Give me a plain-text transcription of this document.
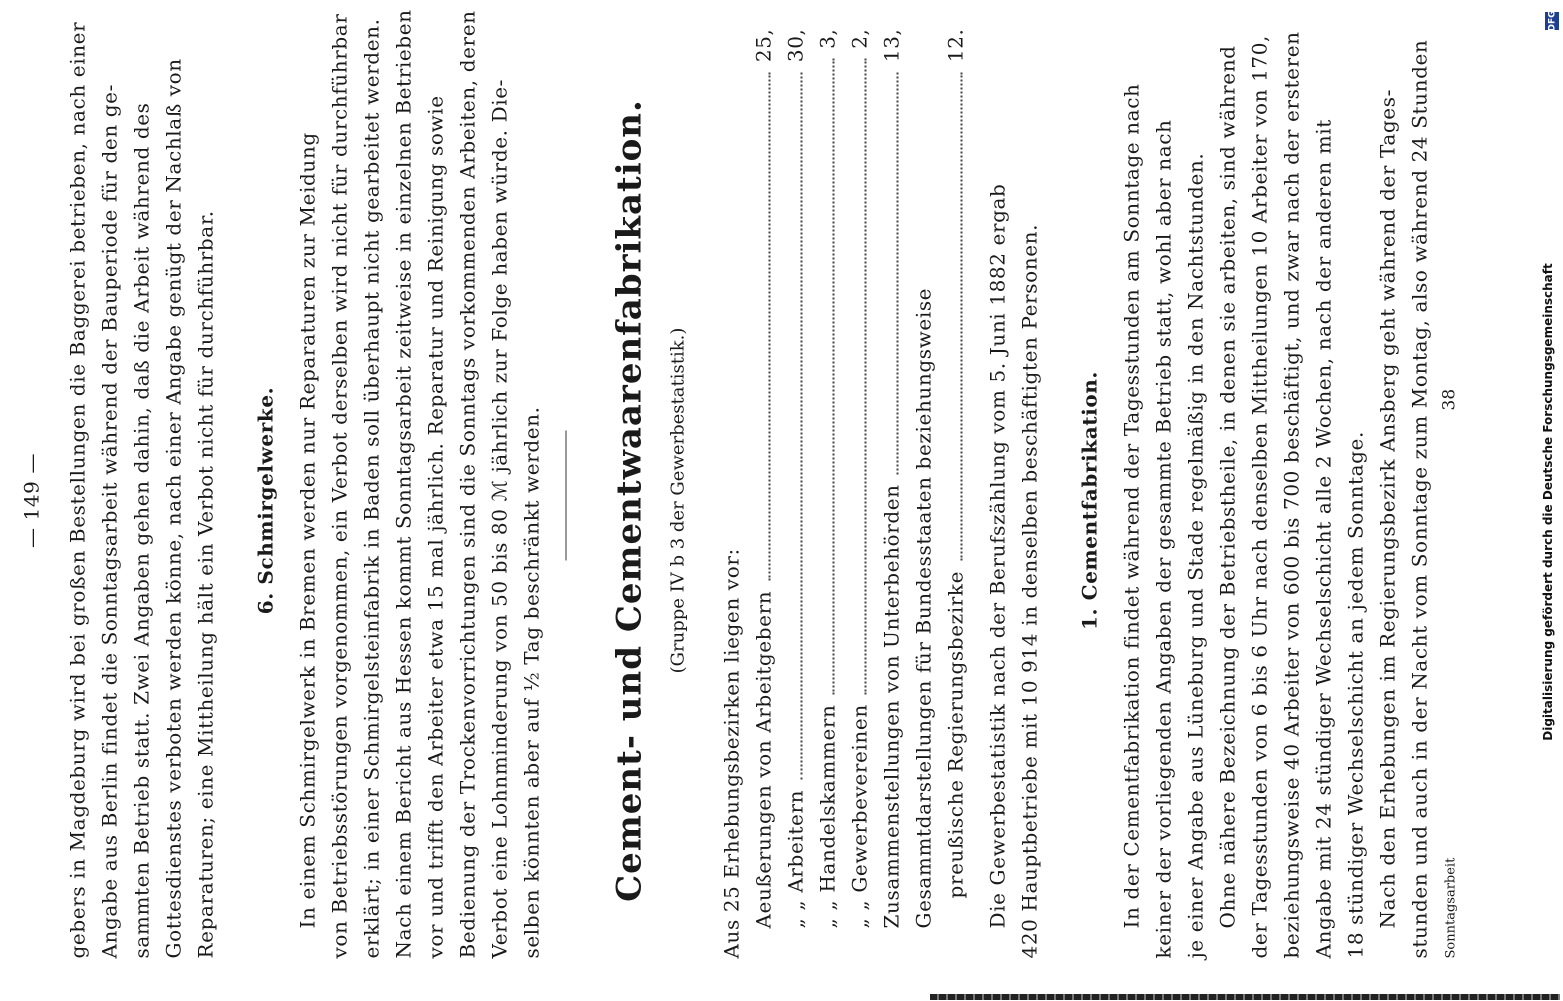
— 149 — gebers in Magdeburg wird bei großen Bestellungen die Baggerei betrieben, nach einer Angabe aus Berlin findet die Sonntagsarbeit während der Bauperiode für den ge- sammten Betrieb statt. Zwei Angaben gehen dahin, daß die Arbeit während des Gottesdienstes verboten werden könne, nach einer Angabe genügt der Nachlaß von Reparaturen; eine Mittheilung hält ein Verbot nicht für durchführbar. 6. Schmirgelwerke. In einem Schmirgelwerk in Bremen werden nur Reparaturen zur Meidung von Betriebsstörungen vorgenommen, ein Verbot derselben wird nicht für durchführbar erklärt; in einer Schmirgelsteinfabrik in Baden soll überhaupt nicht gearbeitet werden. Nach einem Bericht aus Hessen kommt Sonntagsarbeit zeitweise in einzelnen Betrieben vor und trifft den Arbeiter etwa 15 mal jährlich. Reparatur und Reinigung sowie Bedienung der Trockenvorrichtungen sind die Sonntags vorkommenden Arbeiten, deren Verbot eine Lohnminderung von 50 bis 80 ℳ jährlich zur Folge haben würde. Die- selben könnten aber auf ½ Tag beschränkt werden. Cement- und Cementwaarenfabrikation. (Gruppe IV b 3 der Gewerbestatistik.)
Aus 25 Erhebungsbezirken liegen vor: Aeußerungen von Arbeitgebern
25,
„ „ Arbeitern
30,
„ „ Handelskammern
3,
„ „ Gewerbevereinen
2,
Zusammenstellungen von Unterbehörden
13,
Gesammtdarstellungen für Bundesstaaten beziehungsweise preußische Regierungsbezirke
12.
Die Gewerbestatistik nach der Berufszählung vom 5. Juni 1882 ergab 420 Hauptbetriebe mit 10 914 in denselben beschäftigten Personen. 1. Cementfabrikation. In der Cementfabrikation findet während der Tagesstunden am Sonntage nach keiner der vorliegenden Angaben der gesammte Betrieb statt, wohl aber nach je einer Angabe aus Lüneburg und Stade regelmäßig in den Nachtstunden. Ohne nähere Bezeichnung der Betriebstheile, in denen sie arbeiten, sind während der Tagesstunden von 6 bis 6 Uhr nach denselben Mittheilungen 10 Arbeiter von 170, beziehungsweise 40 Arbeiter von 600 bis 700 beschäftigt, und zwar nach der ersteren Angabe mit 24 stündiger Wechselschicht alle 2 Wochen, nach der anderen mit 18 stündiger Wechselschicht an jedem Sonntage. Nach den Erhebungen im Regierungsbezirk Ansberg geht während der Tages- stunden und auch in der Nacht vom Sonntage zum Montag, also während 24 Stunden Sonntagsarbeit
38	Digitalisierung gefördert durch die Deutsche Forschungsgemeinschaft
DFG
